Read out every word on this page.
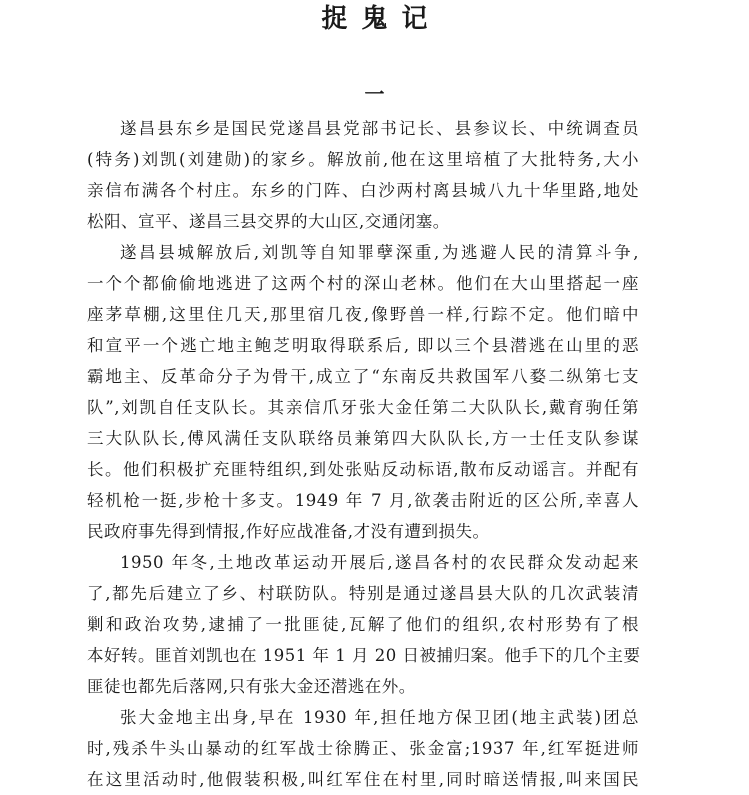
捉鬼记
一

遂昌县东乡是国民党遂昌县党部书记长、县参议长、中统调查员
(特务)刘凯(刘建勋)的家乡。解放前,他在这里培植了大批特务,大小
亲信布满各个村庄。东乡的门阵、白沙两村离县城八九十华里路,地处
松阳、宣平、遂昌三县交界的大山区,交通闭塞。

遂昌县城解放后,刘凯等自知罪孽深重,为逃避人民的清算斗争,
一个个都偷偷地逃进了这两个村的深山老林。他们在大山里搭起一座
座茅草棚,这里住几天,那里宿几夜,像野兽一样,行踪不定。他们暗中
和宣平一个逃亡地主鲍芝明取得联系后, 即以三个县潜逃在山里的恶
霸地主、反革命分子为骨干,成立了“东南反共救国军八婺二纵第七支
队”,刘凯自任支队长。其亲信爪牙张大金任第二大队队长,戴育驹任第
三大队队长,傅风满任支队联络员兼第四大队队长,方一士任支队参谋
长。他们积极扩充匪特组织,到处张贴反动标语,散布反动谣言。并配有
轻机枪一挺,步枪十多支。1949 年 7 月,欲袭击附近的区公所,幸喜人
民政府事先得到情报,作好应战准备,才没有遭到损失。

1950 年冬,土地改革运动开展后,遂昌各村的农民群众发动起来
了,都先后建立了乡、村联防队。特别是通过遂昌县大队的几次武装清
剿和政治攻势,逮捕了一批匪徒,瓦解了他们的组织,农村形势有了根
本好转。匪首刘凯也在 1951 年 1 月 20 日被捕归案。他手下的几个主要
匪徒也都先后落网,只有张大金还潜逃在外。

张大金地主出身,早在 1930 年,担任地方保卫团(地主武装)团总
时,残杀牛头山暴动的红军战士徐腾正、张金富;1937 年,红军挺进师
在这里活动时,他假装积极,叫红军住在村里,同时暗送情报,叫来国民
